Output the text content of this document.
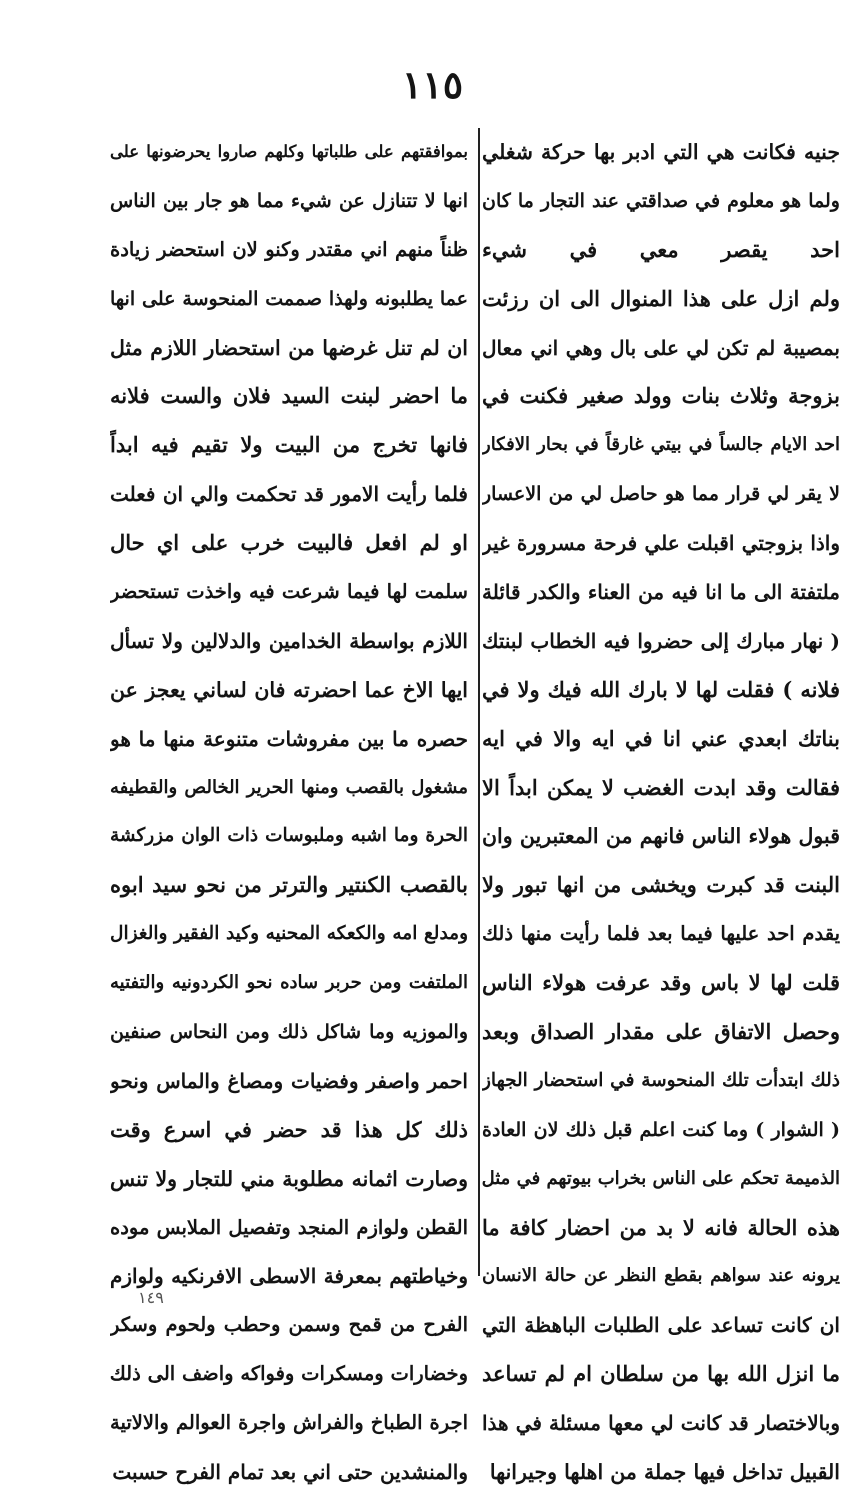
١١٥
جنيه فكانت هي التي ادبر بها حركة شغلي
ولما هو معلوم في صداقتي عند التجار ما كان
احد يقصر معي في شيء
ولم ازل على هذا المنوال الى ان رزئت
بمصيبة لم تكن لي على بال وهي اني معال
بزوجة وثلاث بنات وولد صغير فكنت في
احد الايام جالساً في بيتي غارقاً في بحار الافكار
لا يقر لي قرار مما هو حاصل لي من الاعسار
واذا بزوجتي اقبلت علي فرحة مسرورة غير
ملتفتة الى ما انا فيه من العناء والكدر قائلة
( نهار مبارك إلى حضروا فيه الخطاب لبنتك
فلانه ) فقلت لها لا بارك الله فيك ولا في
بناتك ابعدي عني انا في ايه والا في ايه
فقالت وقد ابدت الغضب لا يمكن ابداً الا
قبول هولاء الناس فانهم من المعتبرين وان
البنت قد كبرت ويخشى من انها تبور ولا
يقدم احد عليها فيما بعد فلما رأيت منها ذلك
قلت لها لا باس وقد عرفت هولاء الناس
وحصل الاتفاق على مقدار الصداق وبعد
ذلك ابتدأت تلك المنحوسة في استحضار الجهاز
( الشوار ) وما كنت اعلم قبل ذلك لان العادة
الذميمة تحكم على الناس بخراب بيوتهم في مثل
هذه الحالة فانه لا بد من احضار كافة ما
يرونه عند سواهم بقطع النظر عن حالة الانسان
ان كانت تساعد على الطلبات الباهظة التي
ما انزل الله بها من سلطان ام لم تساعد
وبالاختصار قد كانت لي معها مسئلة في هذا
القبيل تداخل فيها جملة من اهلها وجيرانها
بموافقتهم على طلباتها وكلهم صاروا يحرضونها على
انها لا تتنازل عن شيء مما هو جار بين الناس
ظناً منهم اني مقتدر وكنو لان استحضر زيادة
عما يطلبونه ولهذا صممت المنحوسة على انها
ان لم تنل غرضها من استحضار اللازم مثل
ما احضر لبنت السيد فلان والست فلانه
فانها تخرج من البيت ولا تقيم فيه ابداً
فلما رأيت الامور قد تحكمت والي ان فعلت
او لم افعل فالبيت خرب على اي حال
سلمت لها فيما شرعت فيه واخذت تستحضر
اللازم بواسطة الخدامين والدلالين ولا تسأل
ايها الاخ عما احضرته فان لساني يعجز عن
حصره ما بين مفروشات متنوعة منها ما هو
مشغول بالقصب ومنها الحرير الخالص والقطيفه
الحرة وما اشبه وملبوسات ذات الوان مزركشة
بالقصب الكنتير والترتر من نحو سيد ابوه
ومدلع امه والكعكه المحنيه وكيد الفقير والغزال
الملتفت ومن حربر ساده نحو الكردونيه والتفتيه
والموزيه وما شاكل ذلك ومن النحاس صنفين
احمر واصفر وفضيات ومصاغ والماس ونحو
ذلك كل هذا قد حضر في اسرع وقت
وصارت اثمانه مطلوبة مني للتجار ولا تنس
القطن ولوازم المنجد وتفصيل الملابس موده
وخياطتهم بمعرفة الاسطى الافرنكيه ولوازم
الفرح من قمح وسمن وحطب ولحوم وسكر
وخضارات ومسكرات وفواكه واضف الى ذلك
اجرة الطباخ والفراش واجرة العوالم والالاتية
والمنشدين حتى اني بعد تمام الفرح حسبت
١٤٩
